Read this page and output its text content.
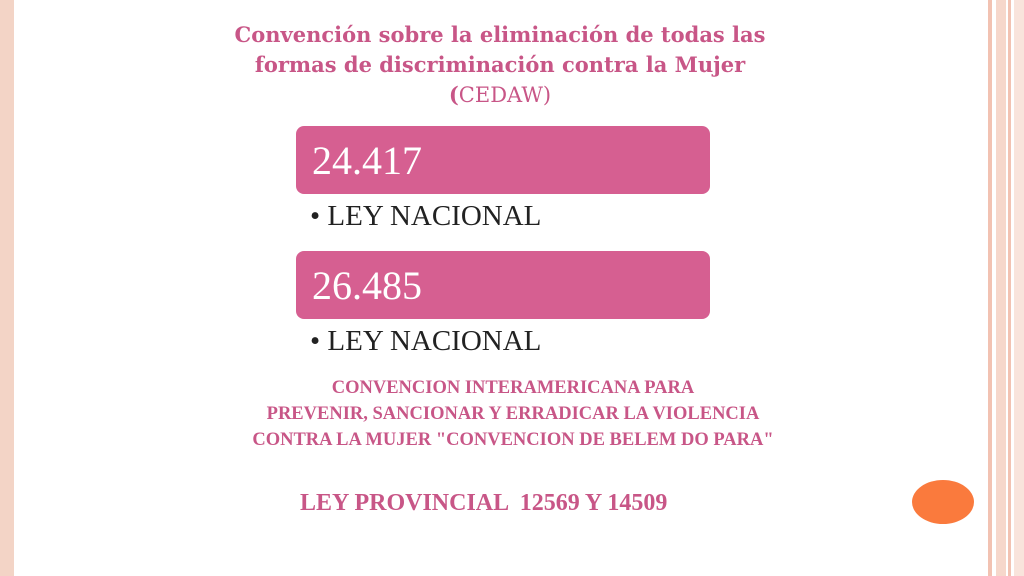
Convención sobre la eliminación de todas las
formas de discriminación contra la Mujer
(CEDAW)
24.417
• LEY NACIONAL
26.485
• LEY NACIONAL
CONVENCION INTERAMERICANA PARA
PREVENIR, SANCIONAR Y ERRADICAR LA VIOLENCIA
CONTRA LA MUJER "CONVENCION DE BELEM DO PARA"
LEY PROVINCIAL  12569 Y 14509
